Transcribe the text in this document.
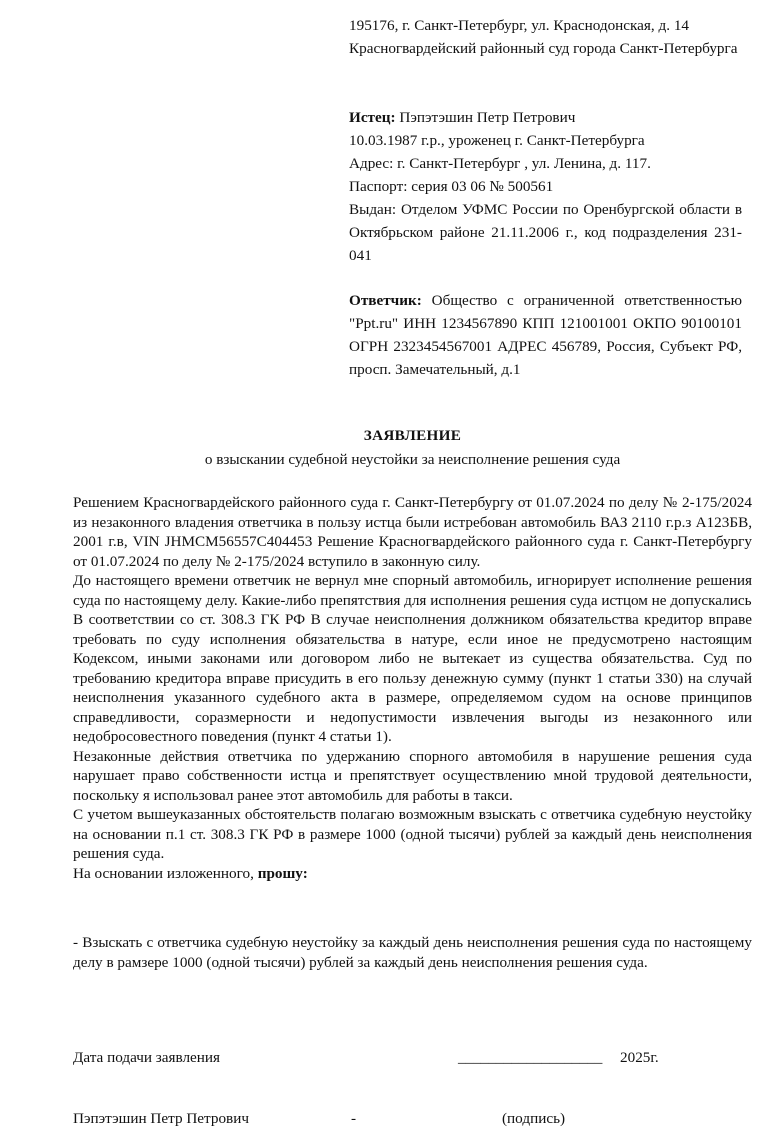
195176, г. Санкт-Петербург, ул. Краснодонская, д. 14
Красногвардейский районный суд города Санкт-Петербурга
Истец: Пэпэтэшин Петр Петрович
10.03.1987 г.р., уроженец г. Санкт-Петербурга
Адрес: г. Санкт-Петербург , ул. Ленина, д. 117.
Паспорт: серия 03 06 № 500561
Выдан: Отделом УФМС России по Оренбургской области в Октябрьском районе 21.11.2006 г., код подразделения 231-041
Ответчик: Общество с ограниченной ответственностью "Ppt.ru" ИНН 1234567890 КПП 121001001 ОКПО 90100101 ОГРН 2323454567001 АДРЕС 456789, Россия, Субъект РФ, просп. Замечательный, д.1
ЗАЯВЛЕНИЕ
о взыскании судебной неустойки за неисполнение решения суда

Решением Красногвардейского районного суда г. Санкт-Петербургу от 01.07.2024 по делу № 2-175/2024 из незаконного владения ответчика в пользу истца были истребован автомобиль ВАЗ 2110 г.р.з А123БВ, 2001 г.в, VIN ЈНМСМ56557С404453 Решение Красногвардейского районного суда г. Санкт-Петербургу от 01.07.2024 по делу № 2-175/2024 вступило в законную силу.

До настоящего времени ответчик не вернул мне спорный автомобиль, игнорирует исполнение решения суда по настоящему делу. Какие-либо препятствия для исполнения решения суда истцом не допускались

В соответствии со ст. 308.3 ГК РФ В случае неисполнения должником обязательства кредитор вправе требовать по суду исполнения обязательства в натуре, если иное не предусмотрено настоящим Кодексом, иными законами или договором либо не вытекает из существа обязательства. Суд по требованию кредитора вправе присудить в его пользу денежную сумму (пункт 1 статьи 330) на случай неисполнения указанного судебного акта в размере, определяемом судом на основе принципов справедливости, соразмерности и недопустимости извлечения выгоды из незаконного или недобросовестного поведения (пункт 4 статьи 1).

Незаконные действия ответчика по удержанию спорного автомобиля в нарушение решения суда нарушает право собственности истца и препятствует осуществлению мной трудовой деятельности, поскольку я использовал ранее этот автомобиль для работы в такси.

С учетом вышеуказанных обстоятельств полагаю возможным взыскать с ответчика судебную неустойку на основании п.1 ст. 308.3 ГК РФ в размере 1000 (одной тысячи) рублей за каждый день неисполнения решения суда.

На основании изложенного, прошу:

- Взыскать с ответчика судебную неустойку за каждый день неисполнения решения суда по настоящему делу в рамзере 1000 (одной тысячи) рублей за каждый день неисполнения решения суда.
Дата подачи заявления	___________________ 2025г.
Пэпэтэшин Петр Петрович	-	(подпись)
